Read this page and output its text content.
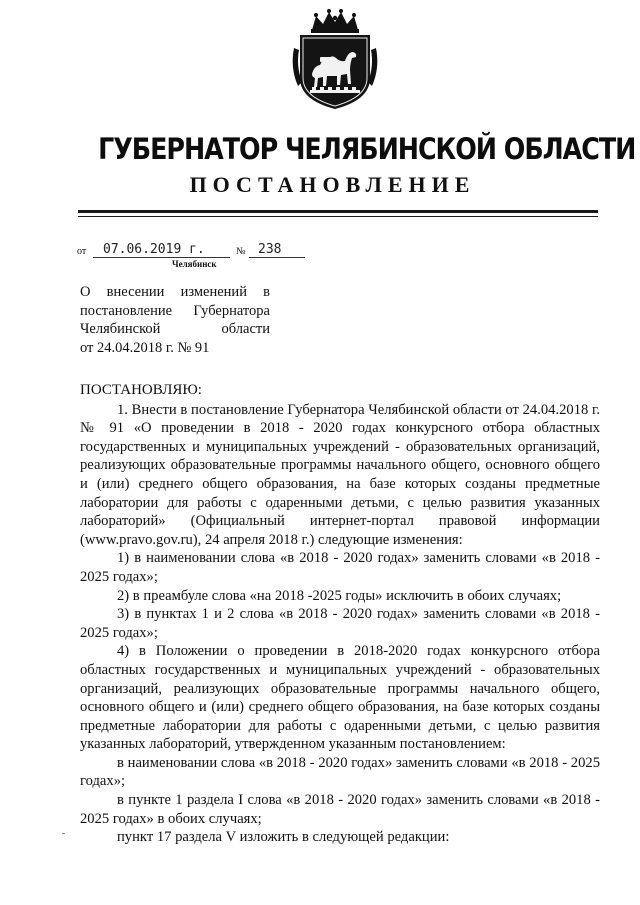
ГУБЕРНАТОР ЧЕЛЯБИНСКОЙ ОБЛАСТИ
ПОСТАНОВЛЕНИЕ
от 07.06.2019 г.	№ 238
Челябинск
О внесении изменений в
постановление Губернатора
Челябинской области
от 24.04.2018 г. № 91
ПОСТАНОВЛЯЮ:

1. Внести в постановление Губернатора Челябинской области от 24.04.2018 г. № 91 «О проведении в 2018 - 2020 годах конкурсного отбора областных государственных и муниципальных учреждений - образовательных организаций, реализующих образовательные программы начального общего, основного общего и (или) среднего общего образования, на базе которых созданы предметные лаборатории для работы с одаренными детьми, с целью развития указанных лабораторий» (Официальный интернет-портал правовой информации (www.pravo.gov.ru), 24 апреля 2018 г.) следующие изменения:

1) в наименовании слова «в 2018 - 2020 годах» заменить словами «в 2018 - 2025 годах»;

2) в преамбуле слова «на 2018 -2025 годы» исключить в обоих случаях;

3) в пунктах 1 и 2 слова «в 2018 - 2020 годах» заменить словами «в 2018 - 2025 годах»;

4) в Положении о проведении в 2018-2020 годах конкурсного отбора областных государственных и муниципальных учреждений - образовательных организаций, реализующих образовательные программы начального общего, основного общего и (или) среднего общего образования, на базе которых созданы предметные лаборатории для работы с одаренными детьми, с целью развития указанных лабораторий, утвержденном указанным постановлением:

в наименовании слова «в 2018 - 2020 годах» заменить словами «в 2018 - 2025 годах»;

в пункте 1 раздела I слова «в 2018 - 2020 годах» заменить словами «в 2018 - 2025 годах» в обоих случаях;

пункт 17 раздела V изложить в следующей редакции:
